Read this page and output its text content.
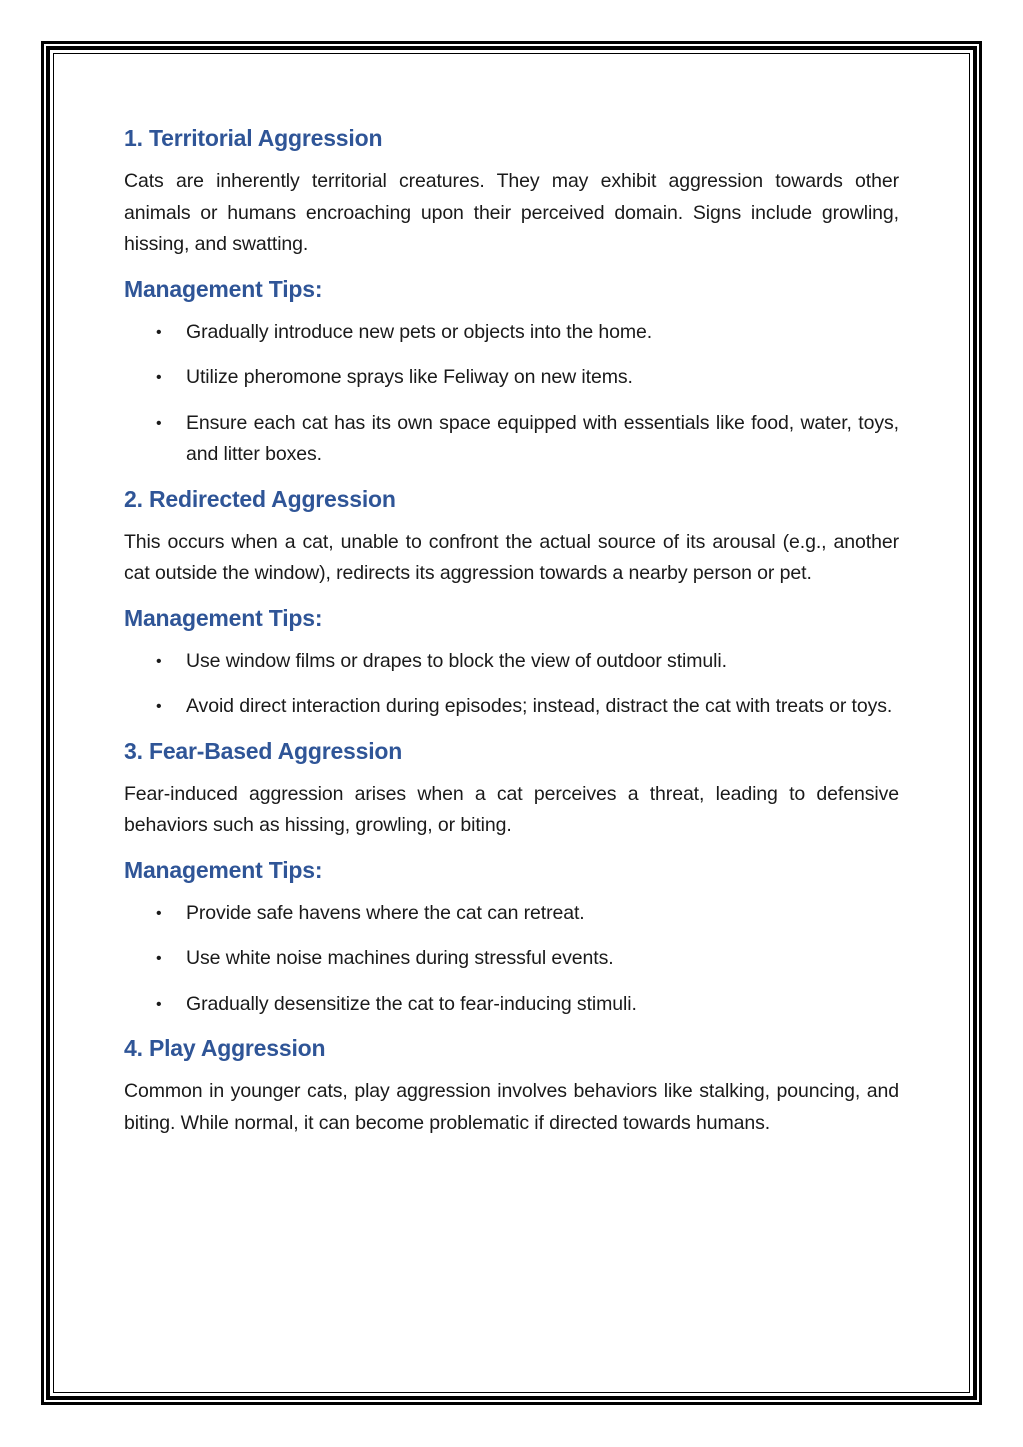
1. Territorial Aggression

Cats are inherently territorial creatures. They may exhibit aggression towards other animals or humans encroaching upon their perceived domain. Signs include growling, hissing, and swatting.

Management Tips:
• Gradually introduce new pets or objects into the home.
• Utilize pheromone sprays like Feliway on new items.
• Ensure each cat has its own space equipped with essentials like food, water, toys, and litter boxes.
2. Redirected Aggression

This occurs when a cat, unable to confront the actual source of its arousal (e.g., another cat outside the window), redirects its aggression towards a nearby person or pet.

Management Tips:
• Use window films or drapes to block the view of outdoor stimuli.
• Avoid direct interaction during episodes; instead, distract the cat with treats or toys.
3. Fear-Based Aggression

Fear-induced aggression arises when a cat perceives a threat, leading to defensive behaviors such as hissing, growling, or biting.

Management Tips:
• Provide safe havens where the cat can retreat.
• Use white noise machines during stressful events.
• Gradually desensitize the cat to fear-inducing stimuli.
4. Play Aggression

Common in younger cats, play aggression involves behaviors like stalking, pouncing, and biting. While normal, it can become problematic if directed towards humans.
